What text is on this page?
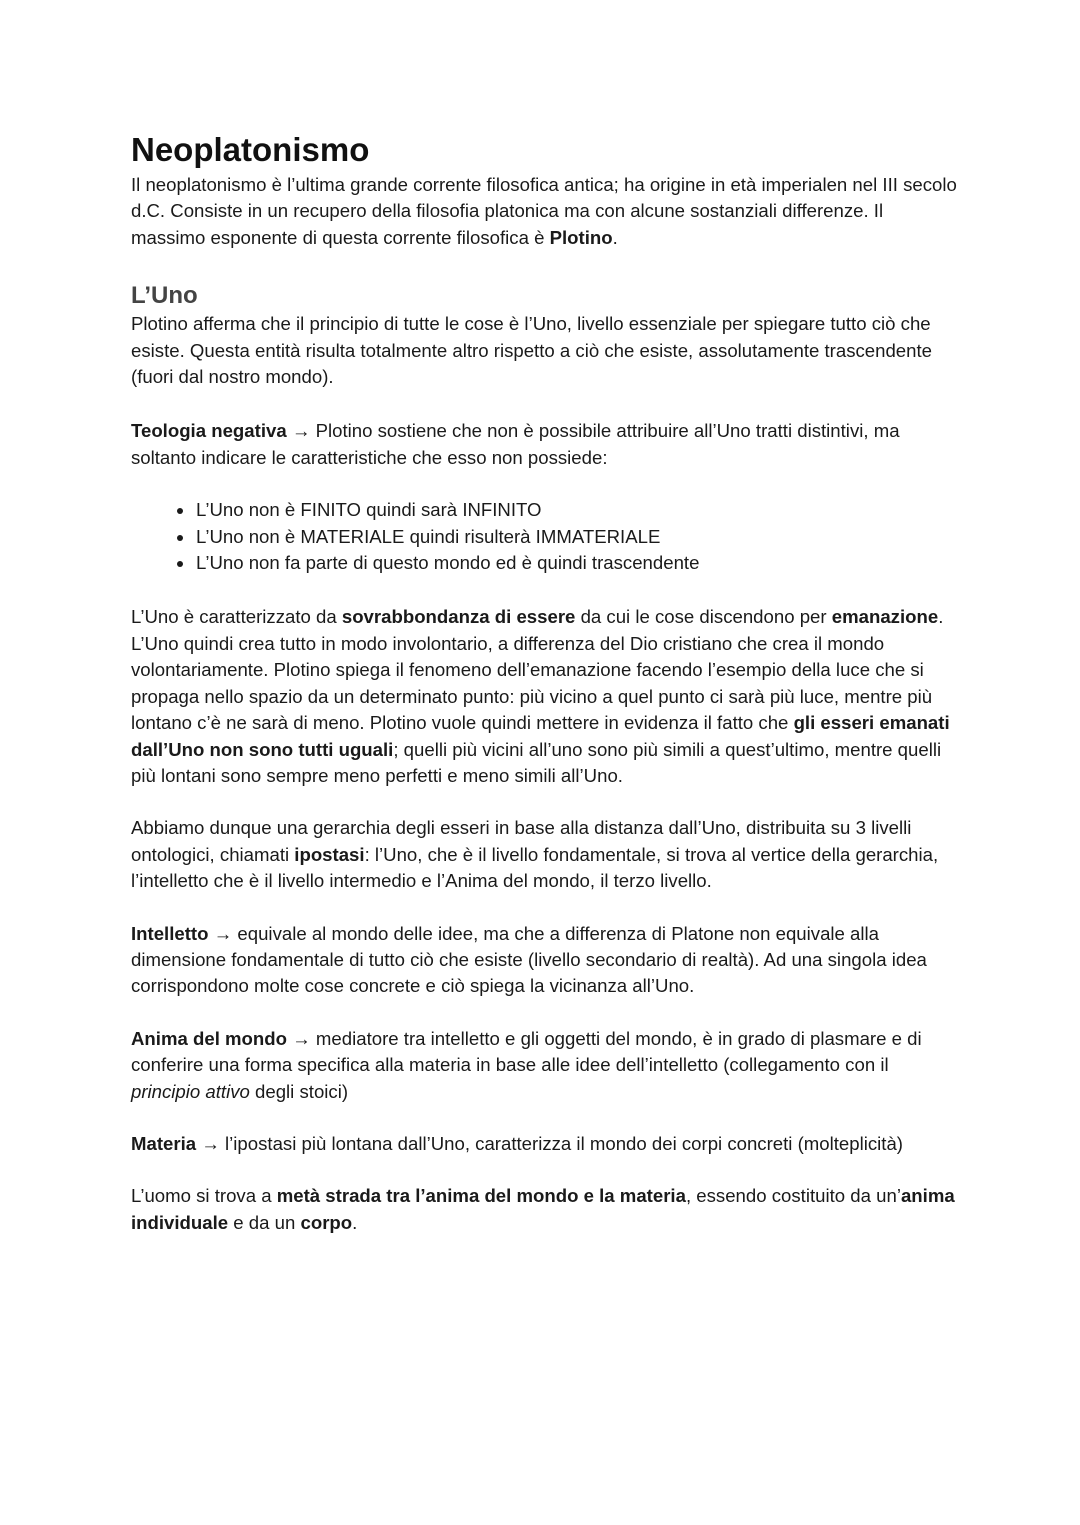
Neoplatonismo

Il neoplatonismo è l’ultima grande corrente filosofica antica; ha origine in età imperialen nel III secolo d.C. Consiste in un recupero della filosofia platonica ma con alcune sostanziali differenze. Il massimo esponente di questa corrente filosofica è Plotino.

L’Uno

Plotino afferma che il principio di tutte le cose è l’Uno, livello essenziale per spiegare tutto ciò che esiste. Questa entità risulta totalmente altro rispetto a ciò che esiste, assolutamente trascendente (fuori dal nostro mondo).

Teologia negativa → Plotino sostiene che non è possibile attribuire all’Uno tratti distintivi, ma soltanto indicare le caratteristiche che esso non possiede:

• L’Uno non è FINITO quindi sarà INFINITO
• L’Uno non è MATERIALE quindi risulterà IMMATERIALE
• L’Uno non fa parte di questo mondo ed è quindi trascendente

L’Uno è caratterizzato da sovrabbondanza di essere da cui le cose discendono per emanazione. L’Uno quindi crea tutto in modo involontario, a differenza del Dio cristiano che crea il mondo volontariamente. Plotino spiega il fenomeno dell’emanazione facendo l’esempio della luce che si propaga nello spazio da un determinato punto: più vicino a quel punto ci sarà più luce, mentre più lontano c’è ne sarà di meno. Plotino vuole quindi mettere in evidenza il fatto che gli esseri emanati dall’Uno non sono tutti uguali; quelli più vicini all’uno sono più simili a quest’ultimo, mentre quelli più lontani sono sempre meno perfetti e meno simili all’Uno.

Abbiamo dunque una gerarchia degli esseri in base alla distanza dall’Uno, distribuita su 3 livelli ontologici, chiamati ipostasi: l’Uno, che è il livello fondamentale, si trova al vertice della gerarchia, l’intelletto che è il livello intermedio e l’Anima del mondo, il terzo livello.

Intelletto → equivale al mondo delle idee, ma che a differenza di Platone non equivale alla dimensione fondamentale di tutto ciò che esiste (livello secondario di realtà). Ad una singola idea corrispondono molte cose concrete e ciò spiega la vicinanza all’Uno.

Anima del mondo → mediatore tra intelletto e gli oggetti del mondo, è in grado di plasmare e di conferire una forma specifica alla materia in base alle idee dell’intelletto (collegamento con il principio attivo degli stoici)

Materia → l’ipostasi più lontana dall’Uno, caratterizza il mondo dei corpi concreti (molteplicità)

L’uomo si trova a metà strada tra l’anima del mondo e la materia, essendo costituito da un’anima individuale e da un corpo.
